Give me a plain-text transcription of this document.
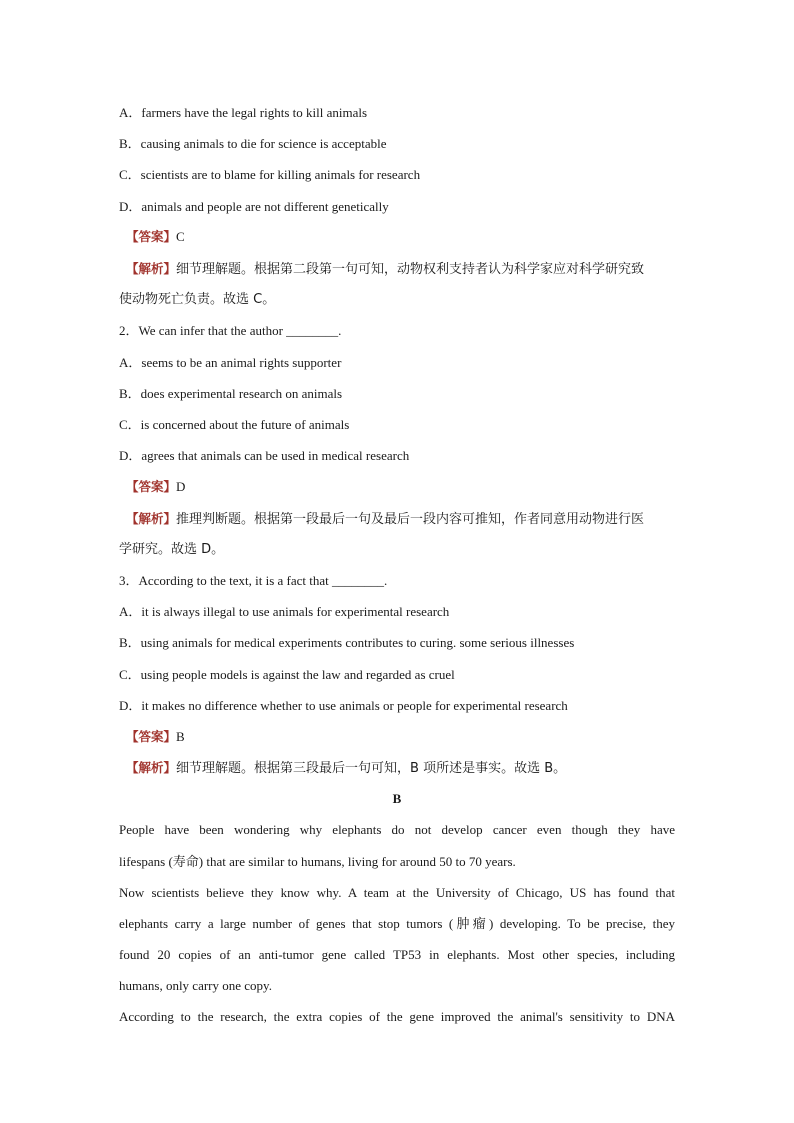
A．farmers have the legal rights to kill animals
B．causing animals to die for science is acceptable
C．scientists are to blame for killing animals for research
D．animals and people are not different genetically
【答案】C
【解析】细节理解题。根据第二段第一句可知，动物权利支持者认为科学家应对科学研究致
使动物死亡负责。故选 C。
2．We can infer that the author ________.
A．seems to be an animal rights supporter
B．does experimental research on animals
C．is concerned about the future of animals
D．agrees that animals can be used in medical research
【答案】D
【解析】推理判断题。根据第一段最后一句及最后一段内容可推知，作者同意用动物进行医
学研究。故选 D。
3．According to the text, it is a fact that ________.
A．it is always illegal to use animals for experimental research
B．using animals for medical experiments contributes to curing. some serious illnesses
C．using people models is against the law and regarded as cruel
D．it makes no difference whether to use animals or people for experimental research
【答案】B
【解析】细节理解题。根据第三段最后一句可知，B 项所述是事实。故选 B。
B
People have been wondering why elephants do not develop cancer even though they have
lifespans (寿命) that are similar to humans, living for around 50 to 70 years.
Now scientists believe they know why. A team at the University of Chicago, US has found that
elephants carry a large number of genes that stop tumors (肿瘤) developing. To be precise, they
found 20 copies of an anti-tumor gene called TP53 in elephants. Most other species, including
humans, only carry one copy.
According to the research, the extra copies of the gene improved the animal's sensitivity to DNA
